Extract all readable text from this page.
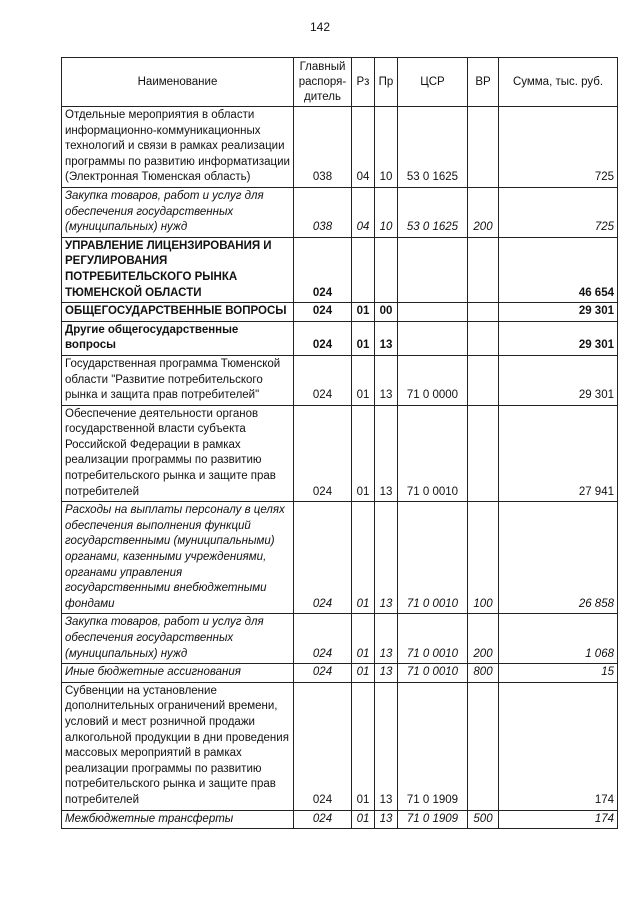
142
Наименование	Главный распоря-дитель	Рз	Пр	ЦСР	ВР	Сумма, тыс. руб.
Отдельные мероприятия в области информационно-коммуникационных технологий и связи в рамках реализации программы по развитию информатизации (Электронная Тюменская область)	038	04	10	53 0 1625		725
Закупка товаров, работ и услуг для обеспечения государственных (муниципальных) нужд	038	04	10	53 0 1625	200	725
УПРАВЛЕНИЕ ЛИЦЕНЗИРОВАНИЯ И РЕГУЛИРОВАНИЯ ПОТРЕБИТЕЛЬСКОГО РЫНКА ТЮМЕНСКОЙ ОБЛАСТИ	024					46 654
ОБЩЕГОСУДАРСТВЕННЫЕ ВОПРОСЫ	024	01	00			29 301
Другие общегосударственные вопросы	024	01	13			29 301
Государственная программа Тюменской области "Развитие потребительского рынка и защита прав потребителей"	024	01	13	71 0 0000		29 301
Обеспечение деятельности органов государственной власти субъекта Российской Федерации в рамках реализации программы по развитию потребительского рынка и защите прав потребителей	024	01	13	71 0 0010		27 941
Расходы на выплаты персоналу в целях обеспечения выполнения функций государственными (муниципальными) органами, казенными учреждениями, органами управления государственными внебюджетными фондами	024	01	13	71 0 0010	100	26 858
Закупка товаров, работ и услуг для обеспечения государственных (муниципальных) нужд	024	01	13	71 0 0010	200	1 068
Иные бюджетные ассигнования	024	01	13	71 0 0010	800	15
Субвенции на установление дополнительных ограничений времени, условий и мест розничной продажи алкогольной продукции в дни проведения массовых мероприятий в рамках реализации программы по развитию потребительского рынка и защите прав потребителей	024	01	13	71 0 1909		174
Межбюджетные трансферты	024	01	13	71 0 1909	500	174
